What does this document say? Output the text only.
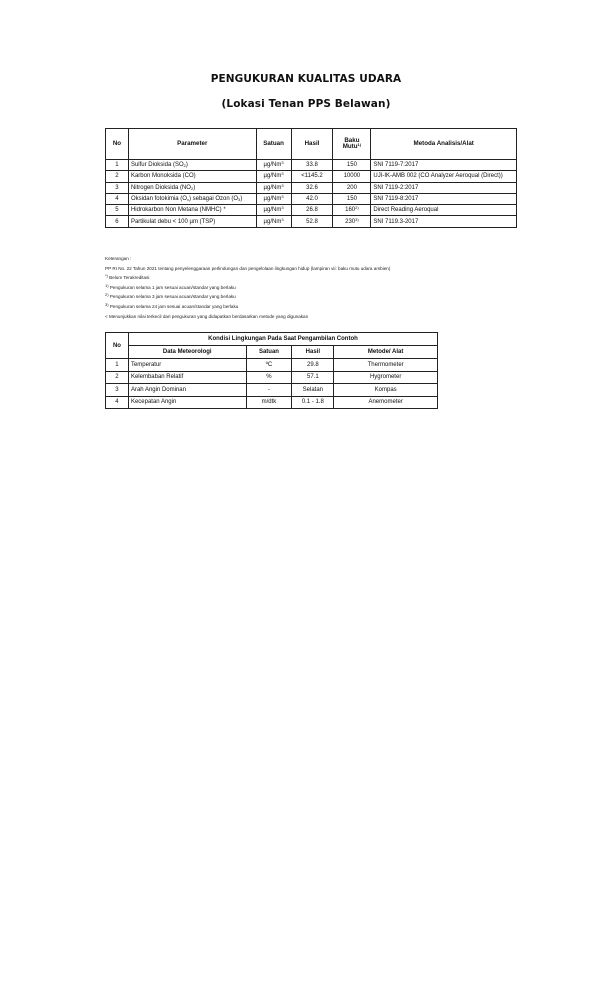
PENGUKURAN KUALITAS UDARA
(Lokasi Tenan PPS Belawan)
No	Parameter	Satuan	Hasil	Baku Mutu$^{1)}$	Metoda Analisis/Alat
1	Sulfur Dioksida $(SO_2)$	µg/Nm$^3$	33.8	150	SNI 7119-7:2017
2	Karbon Monoksida (CO)	$\mu g/Nm^3$	<1145.2	10000	UJI-IK-AMB 002 (CO Analyzer Aeroqual (Direct))
3	Nitrogen Dioksida $(NO_2)$	µg/Nm$^3$	32.6	200	SNI 7119-2:2017
4	Oksidan fotokimia $(O_x)$ sebagai Ozon $(O_3)$	µg/Nm$^3$	42.0	150	SNI 7119-8:2017
5	Hidrokarbon Non Metana (NMHC) *	µg/Nm$^3$	26.8	160$^{2)}$	Direct Reading Aeroqual
6	Partikulat debu < 100 µm (TSP)	µg/Nm$^3$	52.8	230$^{3)}$	SNI 7119.3-2017
Keterangan :
PP RI No. 22 Tahun 2021 tentang penyelenggaraan perlindungan dan pengelolaan lingkungan hidup (lampiran vii: baku mutu udara ambien)
*) Belum Terakreditasi
$^{1)}$ Pengukuran selama 1 jam sesuai acuan/standar yang berlaku
$^{2)}$ Pengukuran selama 3 jam sesuai acuan/standar yang berlaku
$^{3)}$ Pengukuran selama 24 jam sesuai acuan/standar yang berlaku
< Menunjukkan nilai terkecil dari pengukuran yang didapatkan berdasarkan metode yang digunakan
No	Kondisi Lingkungan Pada Saat Pengambilan Contoh			
	Data Meteorologi	Satuan	Hasil	Metode/ Alat
1	Temperatur	ºC	29.8	Thermometer
2	Kelembaban Relatif	%	57.1	Hygrometer
3	Arah Angin Dominan	-	Selatan	Kompas
4	Kecepatan Angin	m/dtk	0.1 - 1.8	Anemometer
